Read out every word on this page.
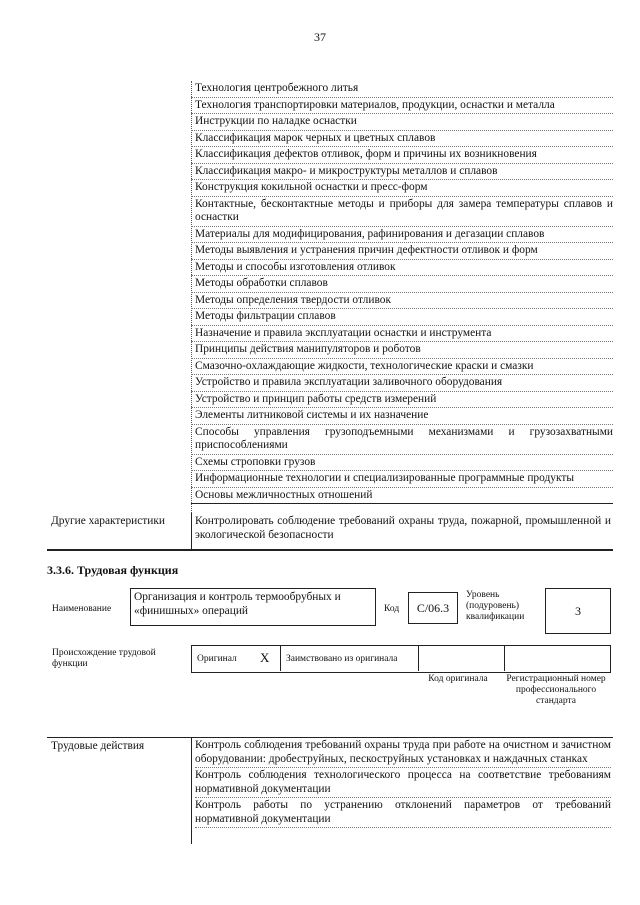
37
Технология центробежного литья
Технология транспортировки материалов, продукции, оснастки и металла
Инструкции по наладке оснастки
Классификация марок черных и цветных сплавов
Классификация дефектов отливок, форм и причины их возникновения
Классификация макро- и микроструктуры металлов и сплавов
Конструкция кокильной оснастки и пресс-форм
Контактные, бесконтактные методы и приборы для замера температуры сплавов и оснастки
Материалы для модифицирования, рафинирования и дегазации сплавов
Методы выявления и устранения причин дефектности отливок и форм
Методы и способы изготовления отливок
Методы обработки сплавов
Методы определения твердости отливок
Методы фильтрации сплавов
Назначение и правила эксплуатации оснастки и инструмента
Принципы действия манипуляторов и роботов
Смазочно-охлаждающие жидкости, технологические краски и смазки
Устройство и правила эксплуатации заливочного оборудования
Устройство и принцип работы средств измерений
Элементы литниковой системы и их назначение
Способы управления грузоподъемными механизмами и грузозахватными приспособлениями
Схемы строповки грузов
Информационные технологии и специализированные программные продукты
Основы межличностных отношений
Другие характеристики	Контролировать соблюдение требований охраны труда, пожарной, промышленной и экологической безопасности
3.3.6. Трудовая функция
Наименование
Организация и контроль термообрубных и «финишных» операций	Код	C/06.3
Уровень (подуровень) квалификации	3
Происхождение трудовой функции	Оригинал X Заимствовано из оригинала
Код оригинала	Регистрационный номер профессионального стандарта
Трудовые действия	Контроль соблюдения требований охраны труда при работе на очистном и зачистном оборудовании: дробеструйных, пескоструйных установках и наждачных станках
Контроль соблюдения технологического процесса на соответствие требованиям нормативной документации
Контроль работы по устранению отклонений параметров от требований нормативной документации
